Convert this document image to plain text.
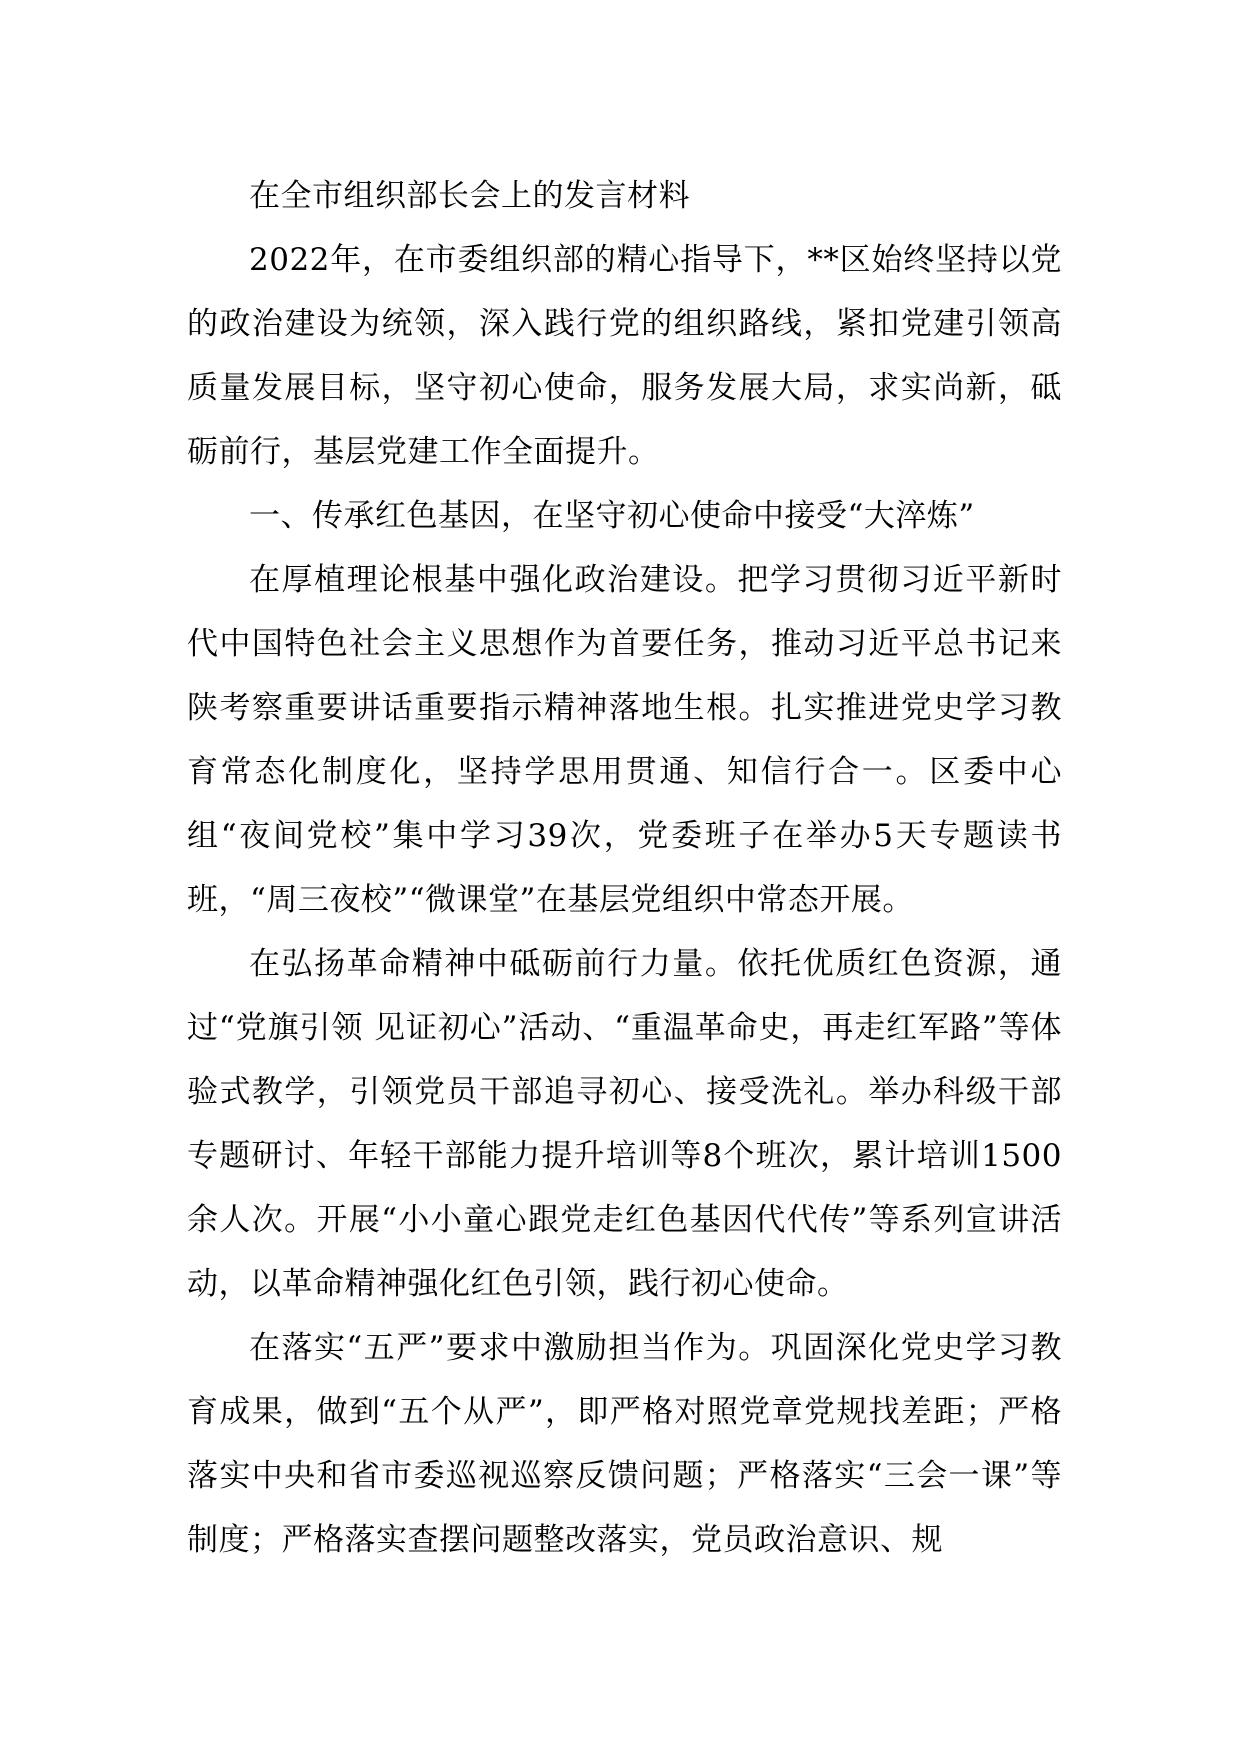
在全市组织部长会上的发言材料

2022年，在市委组织部的精心指导下，**区始终坚持以党的政治建设为统领，深入践行党的组织路线，紧扣党建引领高质量发展目标，坚守初心使命，服务发展大局，求实尚新，砥砺前行，基层党建工作全面提升。

一、传承红色基因，在坚守初心使命中接受“大淬炼”

在厚植理论根基中强化政治建设。把学习贯彻习近平新时代中国特色社会主义思想作为首要任务，推动习近平总书记来陕考察重要讲话重要指示精神落地生根。扎实推进党史学习教育常态化制度化，坚持学思用贯通、知信行合一。区委中心组“夜间党校”集中学习39次，党委班子在举办5天专题读书班，“周三夜校”“微课堂”在基层党组织中常态开展。

在弘扬革命精神中砥砺前行力量。依托优质红色资源，通过“党旗引领 见证初心”活动、“重温革命史，再走红军路”等体验式教学，引领党员干部追寻初心、接受洗礼。举办科级干部专题研讨、年轻干部能力提升培训等8个班次，累计培训1500余人次。开展“小小童心跟党走红色基因代代传”等系列宣讲活动，以革命精神强化红色引领，践行初心使命。

在落实“五严”要求中激励担当作为。巩固深化党史学习教育成果，做到“五个从严”，即严格对照党章党规找差距；严格落实中央和省市委巡视巡察反馈问题；严格落实“三会一课”等制度；严格落实查摆问题整改落实，党员政治意识、规
